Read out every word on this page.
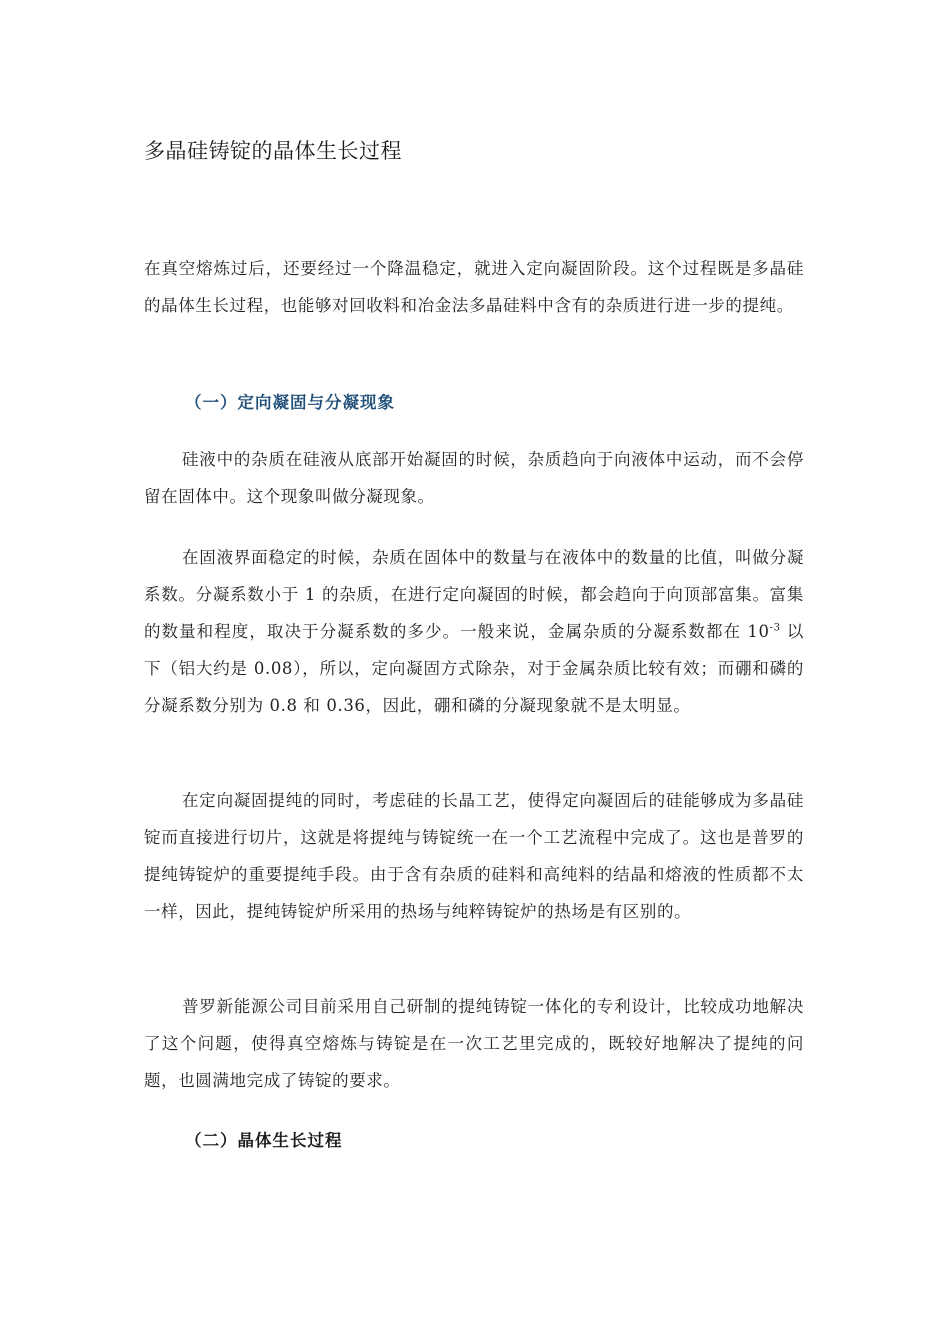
多晶硅铸锭的晶体生长过程

在真空熔炼过后，还要经过一个降温稳定，就进入定向凝固阶段。这个过程既是多晶硅的晶体生长过程，也能够对回收料和冶金法多晶硅料中含有的杂质进行进一步的提纯。

（一）定向凝固与分凝现象

硅液中的杂质在硅液从底部开始凝固的时候，杂质趋向于向液体中运动，而不会停留在固体中。这个现象叫做分凝现象。

在固液界面稳定的时候，杂质在固体中的数量与在液体中的数量的比值，叫做分凝系数。分凝系数小于 1 的杂质，在进行定向凝固的时候，都会趋向于向顶部富集。富集的数量和程度，取决于分凝系数的多少。一般来说，金属杂质的分凝系数都在 $10^{-3}$ 以下（铝大约是 0.08），所以，定向凝固方式除杂，对于金属杂质比较有效；而硼和磷的分凝系数分别为 0.8 和 0.36，因此，硼和磷的分凝现象就不是太明显。

在定向凝固提纯的同时，考虑硅的长晶工艺，使得定向凝固后的硅能够成为多晶硅锭而直接进行切片，这就是将提纯与铸锭统一在一个工艺流程中完成了。这也是普罗的提纯铸锭炉的重要提纯手段。由于含有杂质的硅料和高纯料的结晶和熔液的性质都不太一样，因此，提纯铸锭炉所采用的热场与纯粹铸锭炉的热场是有区别的。

普罗新能源公司目前采用自己研制的提纯铸锭一体化的专利设计，比较成功地解决了这个问题，使得真空熔炼与铸锭是在一次工艺里完成的，既较好地解决了提纯的问题，也圆满地完成了铸锭的要求。

（二）晶体生长过程
